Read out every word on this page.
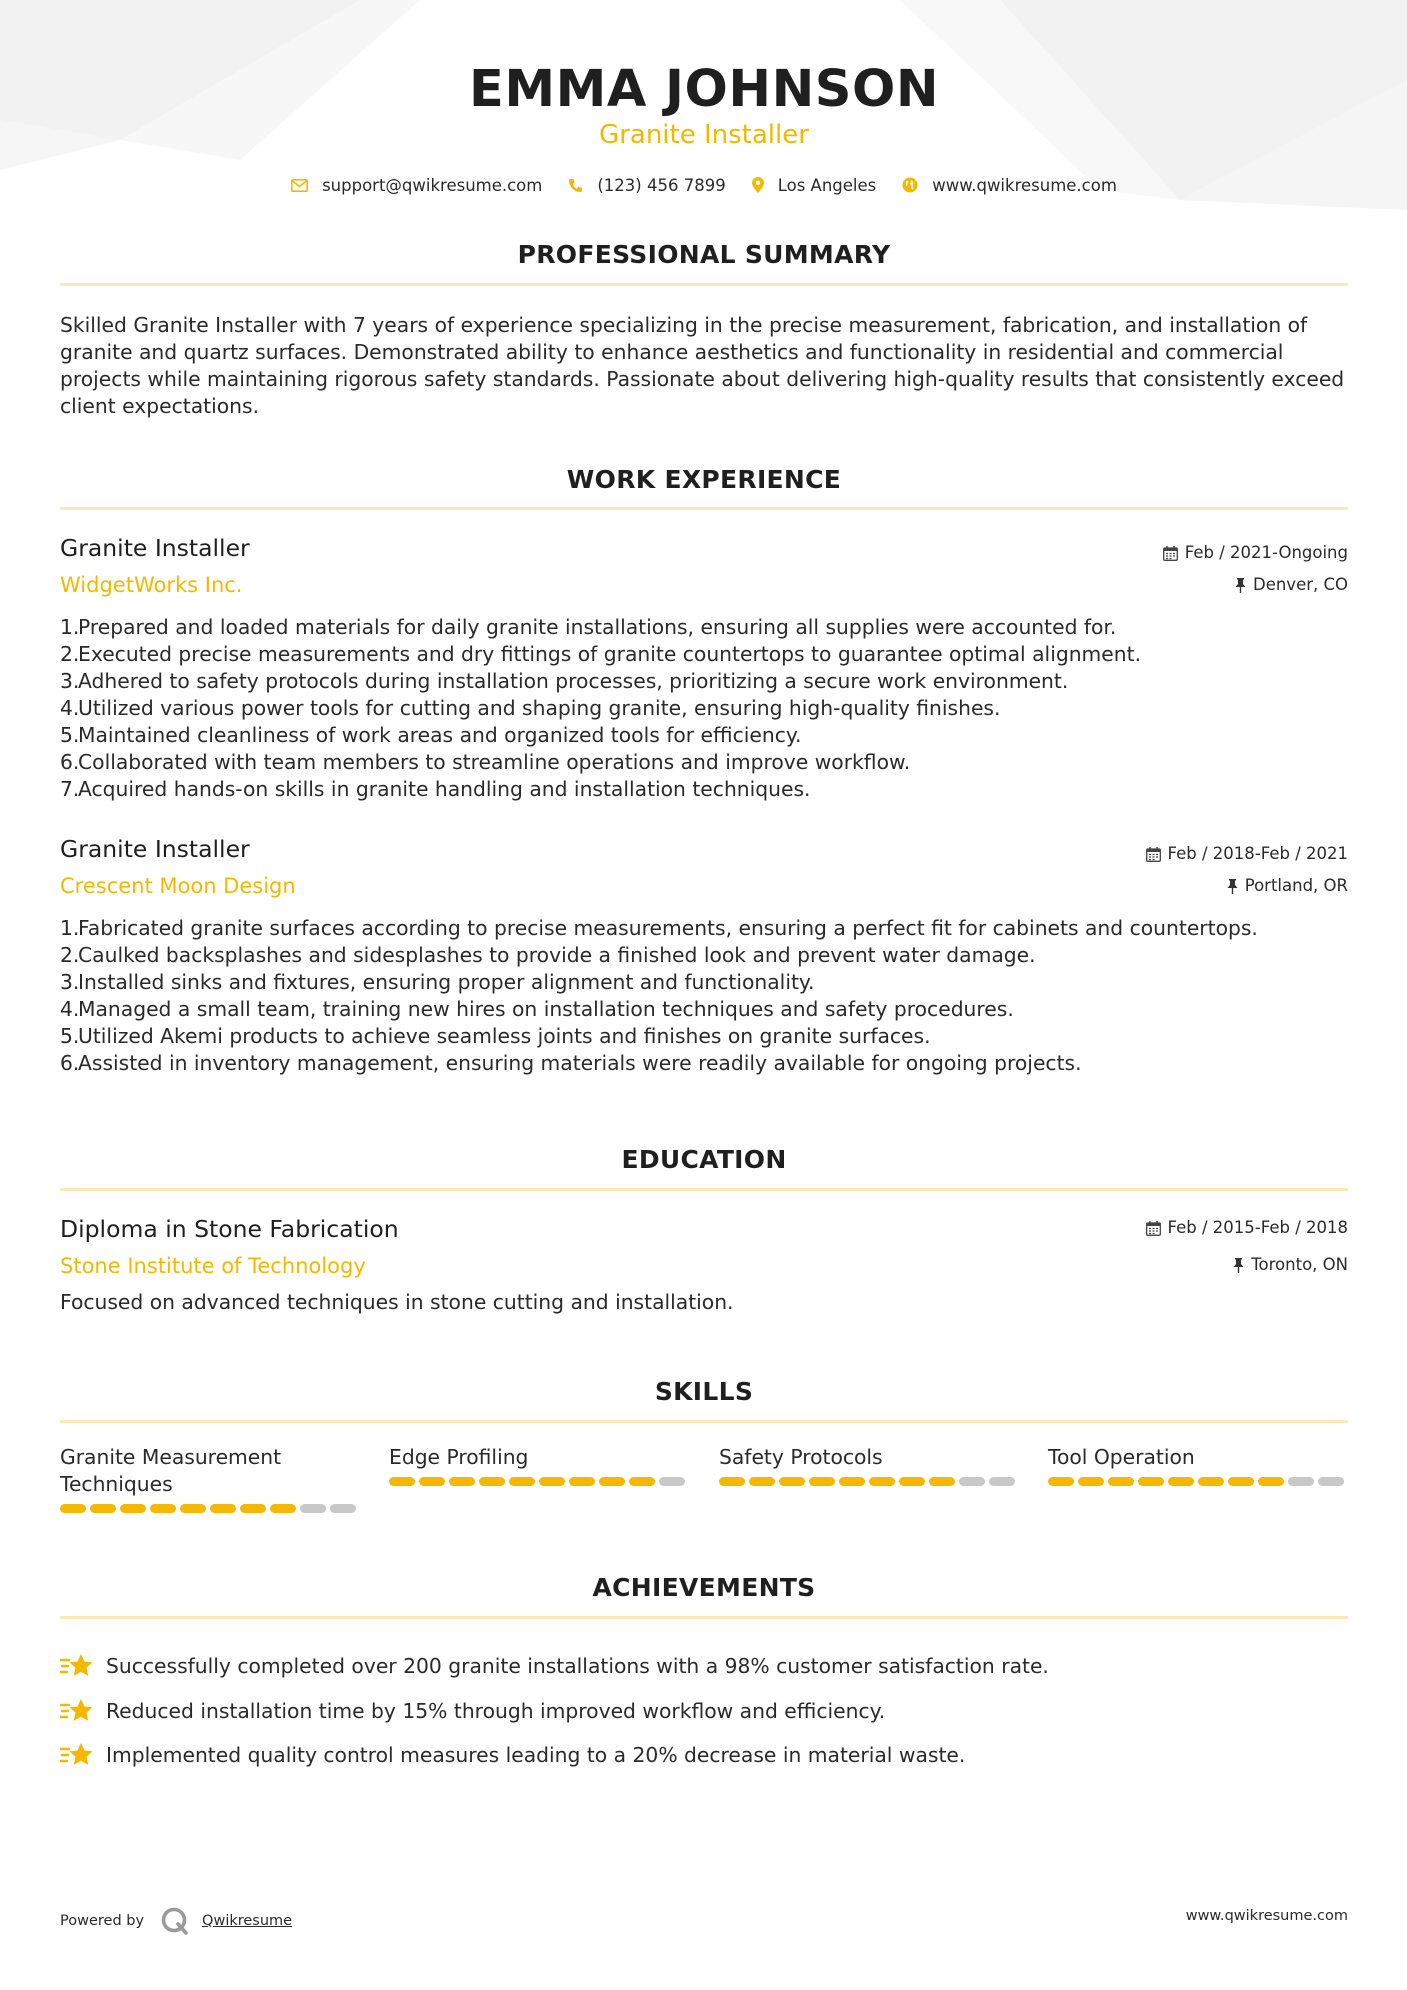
EMMA JOHNSON
Granite Installer
support@qwikresume.com	(123) 456 7899	Los Angeles	www.qwikresume.com
PROFESSIONAL SUMMARY
Skilled Granite Installer with 7 years of experience specializing in the precise measurement, fabrication, and installation of granite and quartz surfaces. Demonstrated ability to enhance aesthetics and functionality in residential and commercial projects while maintaining rigorous safety standards. Passionate about delivering high-quality results that consistently exceed client expectations.
WORK EXPERIENCE
Granite Installer
WidgetWorks Inc.
Feb / 2021-Ongoing
Denver, CO
1.
Prepared and loaded materials for daily granite installations, ensuring all supplies were accounted for.
2.
Executed precise measurements and dry fittings of granite countertops to guarantee optimal alignment.
3.
Adhered to safety protocols during installation processes, prioritizing a secure work environment.
4.
Utilized various power tools for cutting and shaping granite, ensuring high-quality finishes.
5.
Maintained cleanliness of work areas and organized tools for efficiency.
6.
Collaborated with team members to streamline operations and improve workflow.
7.
Acquired hands-on skills in granite handling and installation techniques.
Granite Installer
Crescent Moon Design
Feb / 2018-Feb / 2021
Portland, OR
1.
Fabricated granite surfaces according to precise measurements, ensuring a perfect fit for cabinets and countertops.
2.
Caulked backsplashes and sidesplashes to provide a finished look and prevent water damage.
3.
Installed sinks and fixtures, ensuring proper alignment and functionality.
4.
Managed a small team, training new hires on installation techniques and safety procedures.
5.
Utilized Akemi products to achieve seamless joints and finishes on granite surfaces.
6.
Assisted in inventory management, ensuring materials were readily available for ongoing projects.
EDUCATION
Diploma in Stone Fabrication
Stone Institute of Technology
Feb / 2015-Feb / 2018
Toronto, ON
Focused on advanced techniques in stone cutting and installation.
SKILLS
Granite Measurement Techniques
Edge Profiling	Safety Protocols	Tool Operation
ACHIEVEMENTS
Successfully completed over 200 granite installations with a 98% customer satisfaction rate.
Reduced installation time by 15% through improved workflow and efficiency.
Implemented quality control measures leading to a 20% decrease in material waste.
Powered by	Qwikresume	www.qwikresume.com
